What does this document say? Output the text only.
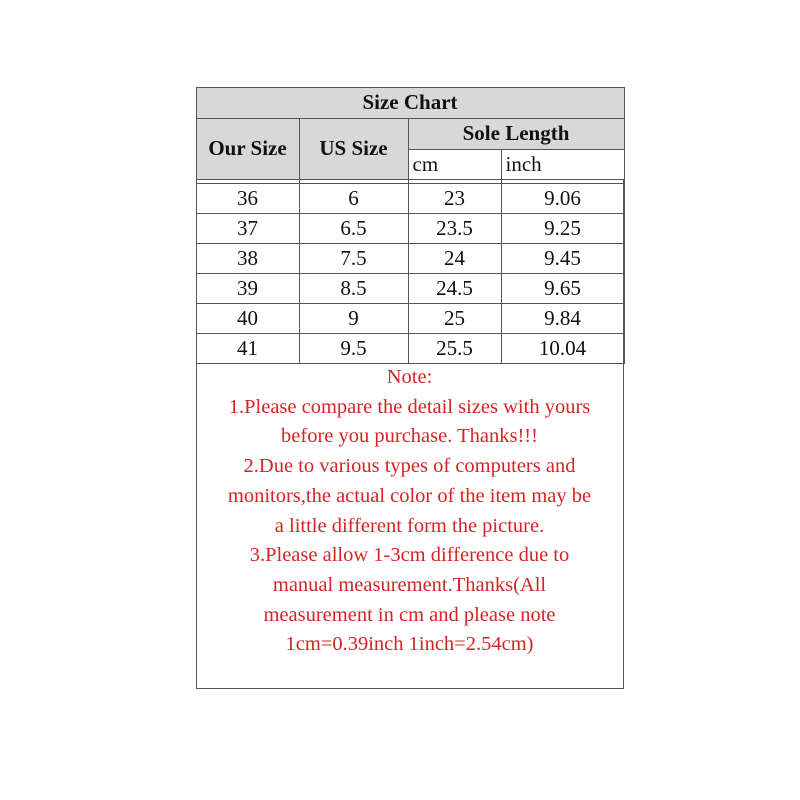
Size Chart			
Our Size	US Size	Sole Length	
		cm	inch

36	6	23	9.06
37	6.5	23.5	9.25
38	7.5	24	9.45
39	8.5	24.5	9.65
40	9	25	9.84
41	9.5	25.5	10.04
Note:
1.Please compare the detail sizes with yours
before you purchase. Thanks!!!
2.Due to various types of computers and
monitors,the actual color of the item may be
a little different form the picture.
3.Please allow 1-3cm difference due to
manual measurement.Thanks(All
measurement in cm and please note
1cm=0.39inch 1inch=2.54cm)
